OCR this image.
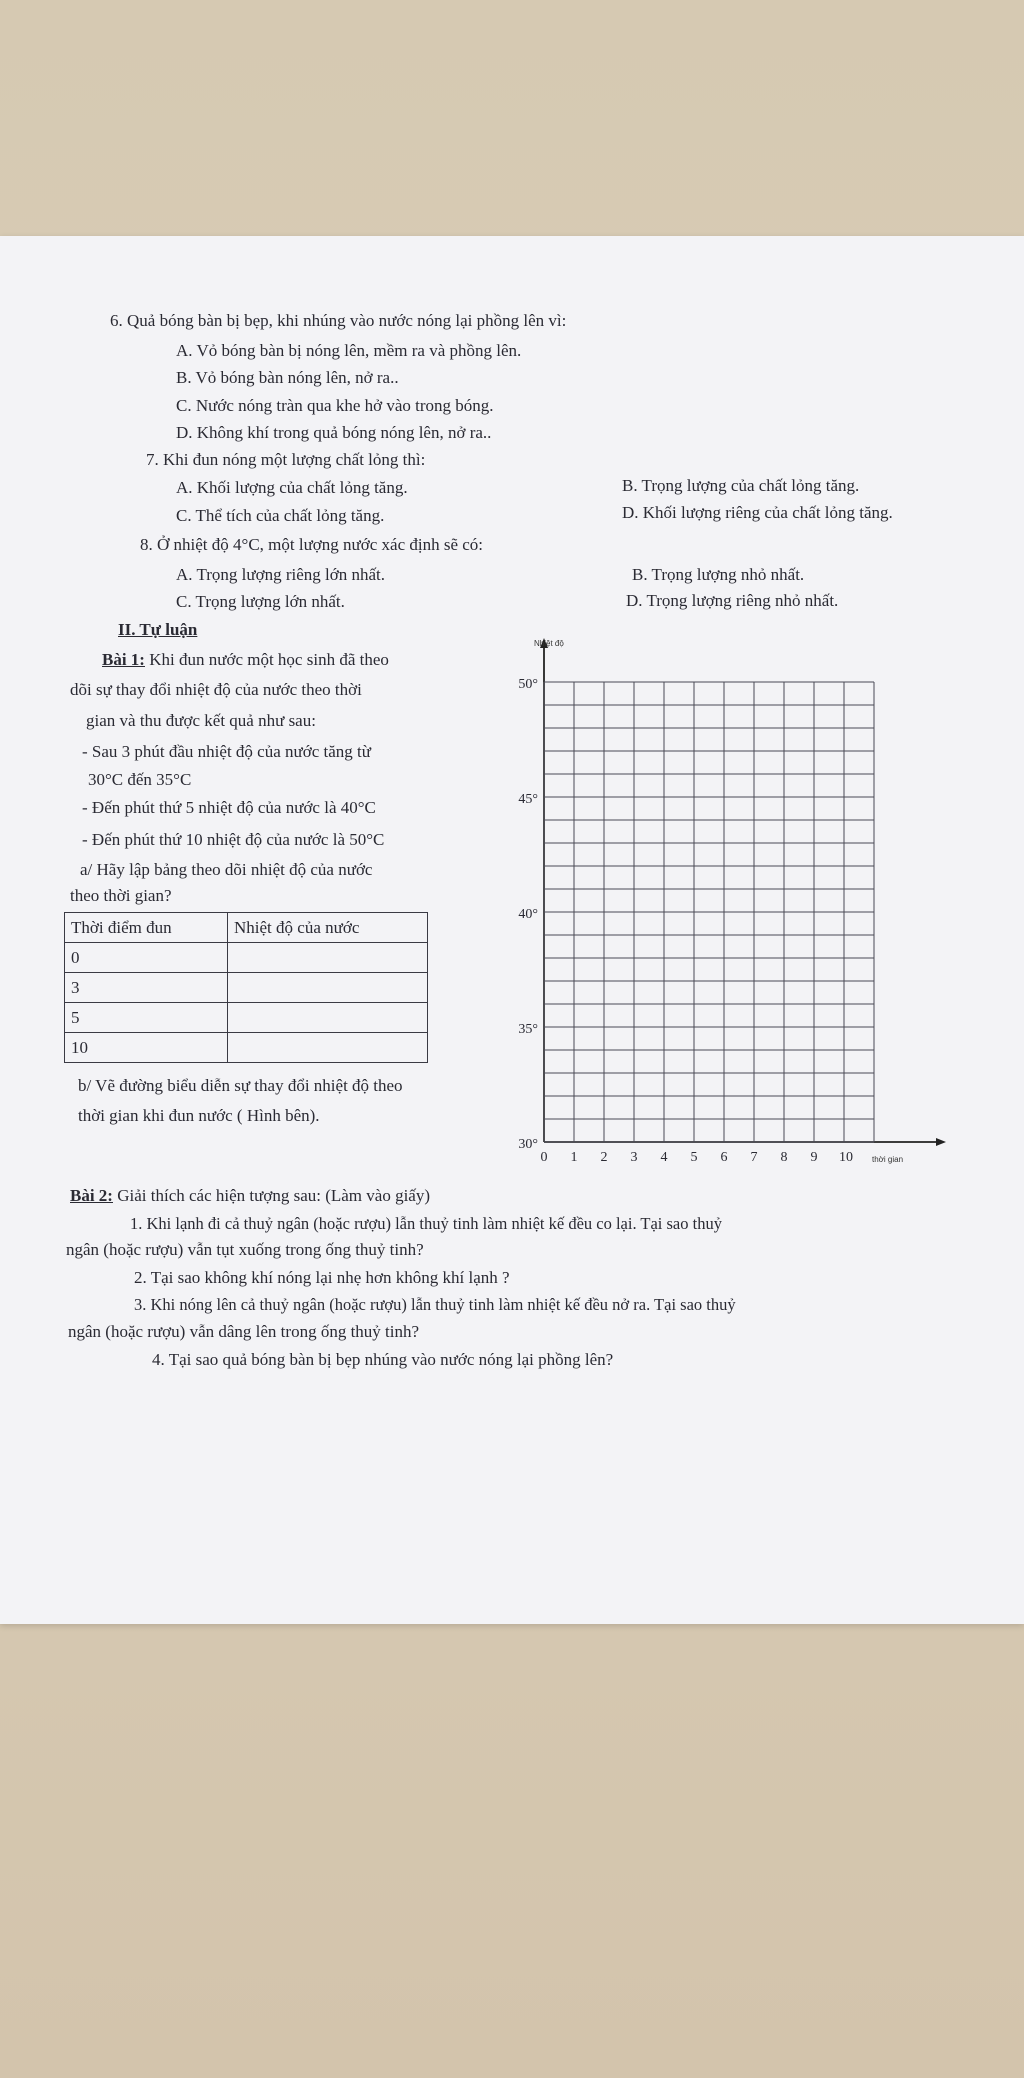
6. Quả bóng bàn bị bẹp, khi nhúng vào nước nóng lại phồng lên vì:
A. Vỏ bóng bàn bị nóng lên, mềm ra và phồng lên.
B. Vỏ bóng bàn nóng lên, nở ra..
C. Nước nóng tràn qua khe hở vào trong bóng.
D. Không khí trong quả bóng nóng lên, nở ra..
7. Khi đun nóng một lượng chất lỏng thì:
A. Khối lượng của chất lỏng tăng.	B. Trọng lượng của chất lỏng tăng.
C. Thể tích của chất lỏng tăng.	D. Khối lượng riêng của chất lỏng tăng.
8. Ở nhiệt độ 4°C, một lượng nước xác định sẽ có:
A. Trọng lượng riêng lớn nhất.	B. Trọng lượng nhỏ nhất.
C. Trọng lượng lớn nhất.	D. Trọng lượng riêng nhỏ nhất.
II. Tự luận
Bài 1: Khi đun nước một học sinh đã theo
dõi sự thay đổi nhiệt độ của nước theo thời
gian và thu được kết quả như sau:
- Sau 3 phút đầu nhiệt độ của nước tăng từ
30°C đến 35°C
- Đến phút thứ 5 nhiệt độ của nước là 40°C
- Đến phút thứ 10 nhiệt độ của nước là 50°C
a/ Hãy lập bảng theo dõi nhiệt độ của nước
theo thời gian?
Thời điểm đun	Nhiệt độ của nước
0	
3	
5	
10	
b/ Vẽ đường biểu diễn sự thay đổi nhiệt độ theo
thời gian khi đun nước ( Hình bên).
Nhiệt độ
thời gian
50°
45°
40°
35°
30°
0 1 2 3 4 5 6 7 8 9 10
Bài 2: Giải thích các hiện tượng sau: (Làm vào giấy)
1. Khi lạnh đi cả thuỷ ngân (hoặc rượu) lẫn thuỷ tinh làm nhiệt kế đều co lại. Tại sao thuỷ
ngân (hoặc rượu) vẫn tụt xuống trong ống thuỷ tinh?
2. Tại sao không khí nóng lại nhẹ hơn không khí lạnh ?
3. Khi nóng lên cả thuỷ ngân (hoặc rượu) lẫn thuỷ tinh làm nhiệt kế đều nở ra. Tại sao thuỷ
ngân (hoặc rượu) vẫn dâng lên trong ống thuỷ tinh?
4. Tại sao quả bóng bàn bị bẹp nhúng vào nước nóng lại phồng lên?
